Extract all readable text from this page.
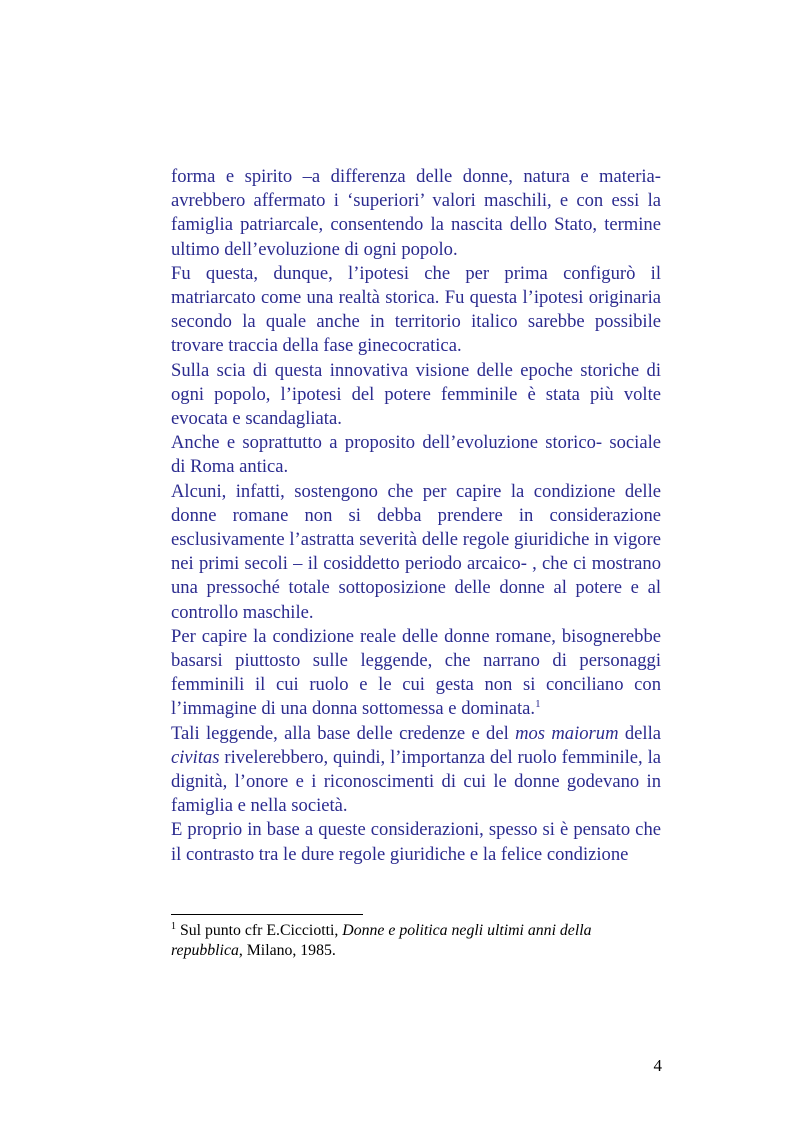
forma e spirito –a differenza delle donne, natura e materia- avrebbero affermato i ‘superiori’ valori maschili, e con essi la famiglia patriarcale, consentendo la nascita dello Stato, termine ultimo dell’evoluzione di ogni popolo.

Fu questa, dunque, l’ipotesi che per prima configurò il matriarcato come una realtà storica. Fu questa l’ipotesi originaria secondo la quale anche in territorio italico sarebbe possibile trovare traccia della fase ginecocratica.

Sulla scia di questa innovativa visione delle epoche storiche di ogni popolo, l’ipotesi del potere femminile è stata più volte evocata e scandagliata.

Anche e soprattutto a proposito dell’evoluzione storico- sociale di Roma antica.

Alcuni, infatti, sostengono che per capire la condizione delle donne romane non si debba prendere in considerazione esclusivamente l’astratta severità delle regole giuridiche in vigore nei primi secoli – il cosiddetto periodo arcaico- , che ci mostrano una pressoché totale sottoposizione delle donne al potere e al controllo maschile.

Per capire la condizione reale delle donne romane, bisognerebbe basarsi piuttosto sulle leggende, che narrano di personaggi femminili il cui ruolo e le cui gesta non si conciliano con l’immagine di una donna sottomessa e dominata.$^1$

Tali leggende, alla base delle credenze e del mos maiorum della civitas rivelerebbero, quindi, l’importanza del ruolo femminile, la dignità, l’onore e i riconoscimenti di cui le donne godevano in famiglia e nella società.

E proprio in base a queste considerazioni, spesso si è pensato che il contrasto tra le dure regole giuridiche e la felice condizione

$^1$ Sul punto cfr E.Cicciotti, Donne e politica negli ultimi anni della repubblica, Milano, 1985.
4
